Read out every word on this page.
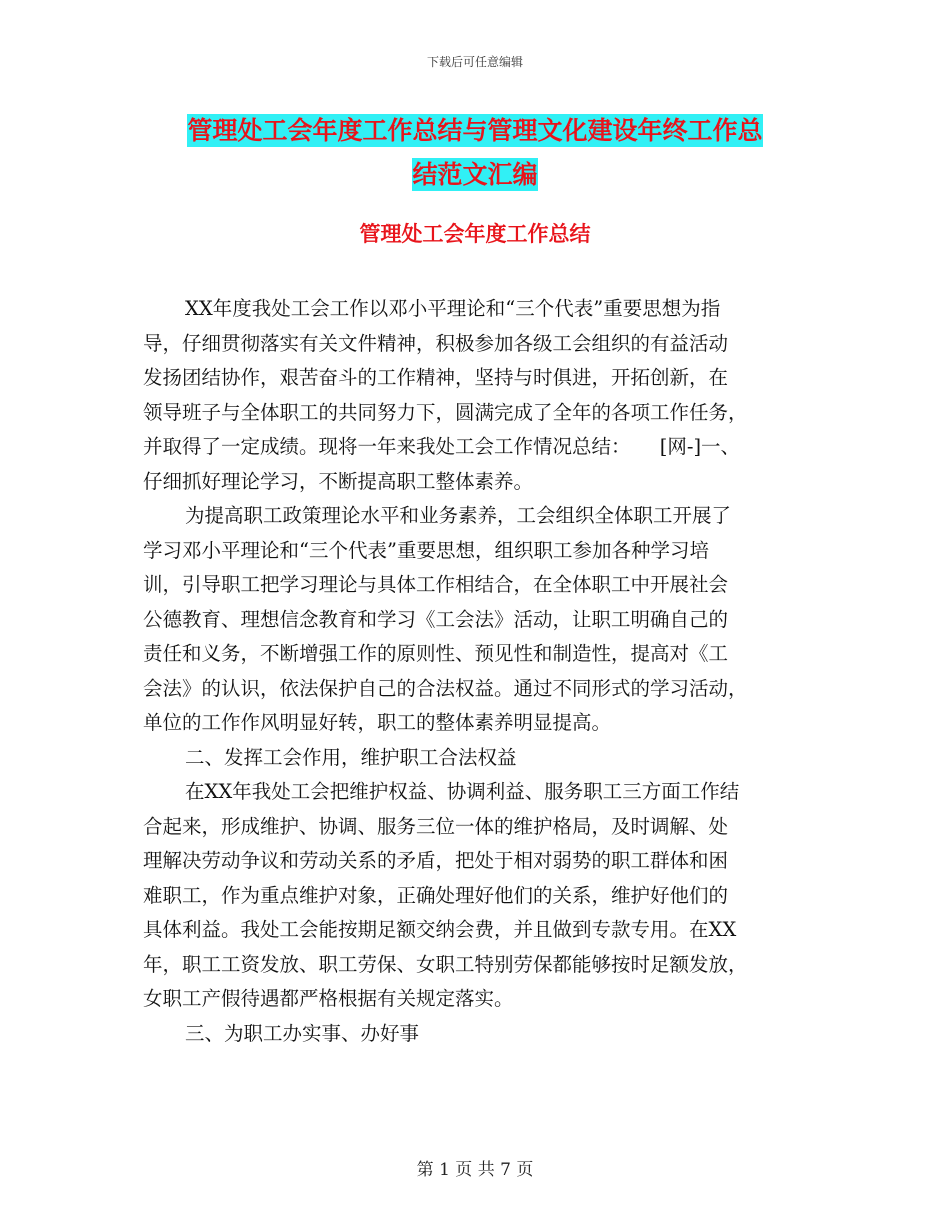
下载后可任意编辑
管理处工会年度工作总结与管理文化建设年终工作总
结范文汇编
管理处工会年度工作总结
XX年度我处工会工作以邓小平理论和“三个代表”重要思想为指
导，仔细贯彻落实有关文件精神，积极参加各级工会组织的有益活动
发扬团结协作，艰苦奋斗的工作精神，坚持与时俱进，开拓创新，在
领导班子与全体职工的共同努力下，圆满完成了全年的各项工作任务，
并取得了一定成绩。现将一年来我处工会工作情况总结：　　[网-]一、
仔细抓好理论学习，不断提高职工整体素养。
为提高职工政策理论水平和业务素养，工会组织全体职工开展了
学习邓小平理论和“三个代表”重要思想，组织职工参加各种学习培
训，引导职工把学习理论与具体工作相结合，在全体职工中开展社会
公德教育、理想信念教育和学习《工会法》活动，让职工明确自己的
责任和义务，不断增强工作的原则性、预见性和制造性，提高对《工
会法》的认识，依法保护自己的合法权益。通过不同形式的学习活动，
单位的工作作风明显好转，职工的整体素养明显提高。
二、发挥工会作用，维护职工合法权益
在XX年我处工会把维护权益、协调利益、服务职工三方面工作结
合起来，形成维护、协调、服务三位一体的维护格局，及时调解、处
理解决劳动争议和劳动关系的矛盾，把处于相对弱势的职工群体和困
难职工，作为重点维护对象，正确处理好他们的关系，维护好他们的
具体利益。我处工会能按期足额交纳会费，并且做到专款专用。在XX
年，职工工资发放、职工劳保、女职工特别劳保都能够按时足额发放，
女职工产假待遇都严格根据有关规定落实。
三、为职工办实事、办好事
第 1 页 共 7 页
